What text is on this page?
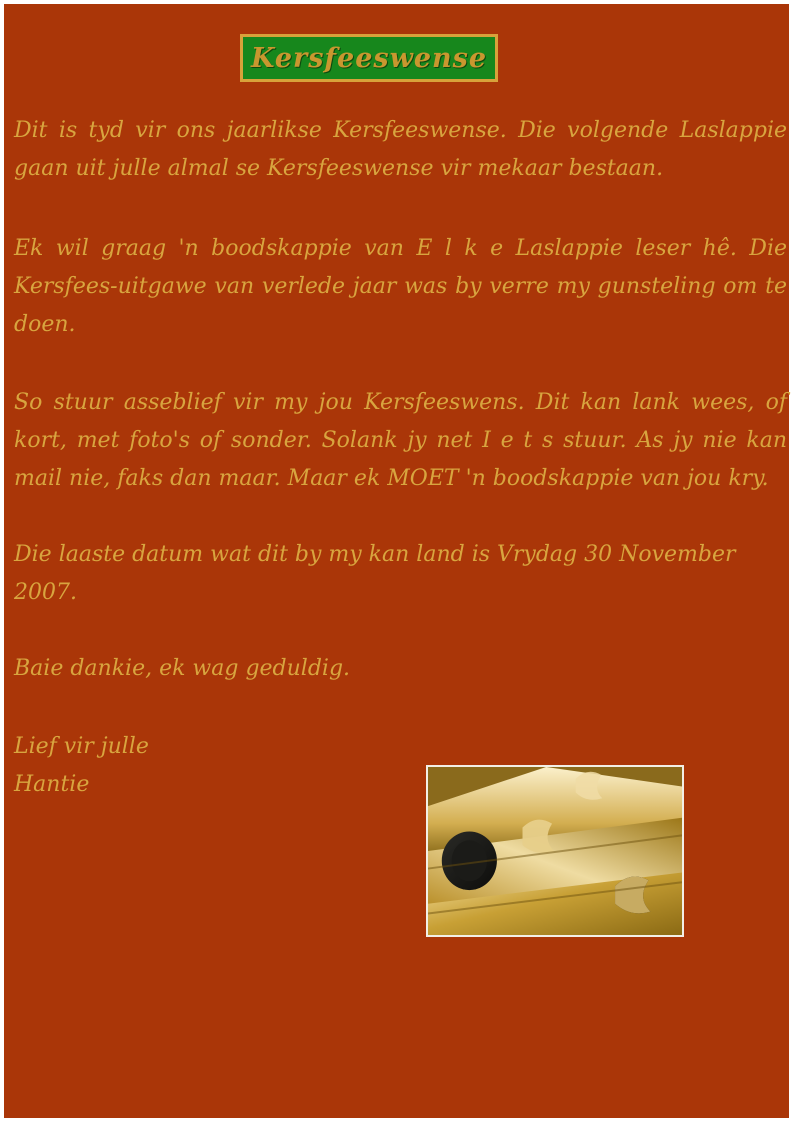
Kersfeeswense

Dit is tyd vir ons jaarlikse Kersfeeswense. Die volgende Laslappie gaan uit julle almal se Kersfeeswense vir mekaar bestaan.

Ek wil graag 'n boodskappie van E l k e Laslappie leser hê. Die Kersfees-uitgawe van verlede jaar was by verre my gunsteling om te doen.

So stuur asseblief vir my jou Kersfeeswens. Dit kan lank wees, of kort, met foto's of sonder. Solank jy net I e t s stuur. As jy nie kan mail nie, faks dan maar. Maar ek MOET 'n boodskappie van jou kry.

Die laaste datum wat dit by my kan land is Vrydag 30 November 2007.

Baie dankie, ek wag geduldig.

Lief vir julle
Hantie
